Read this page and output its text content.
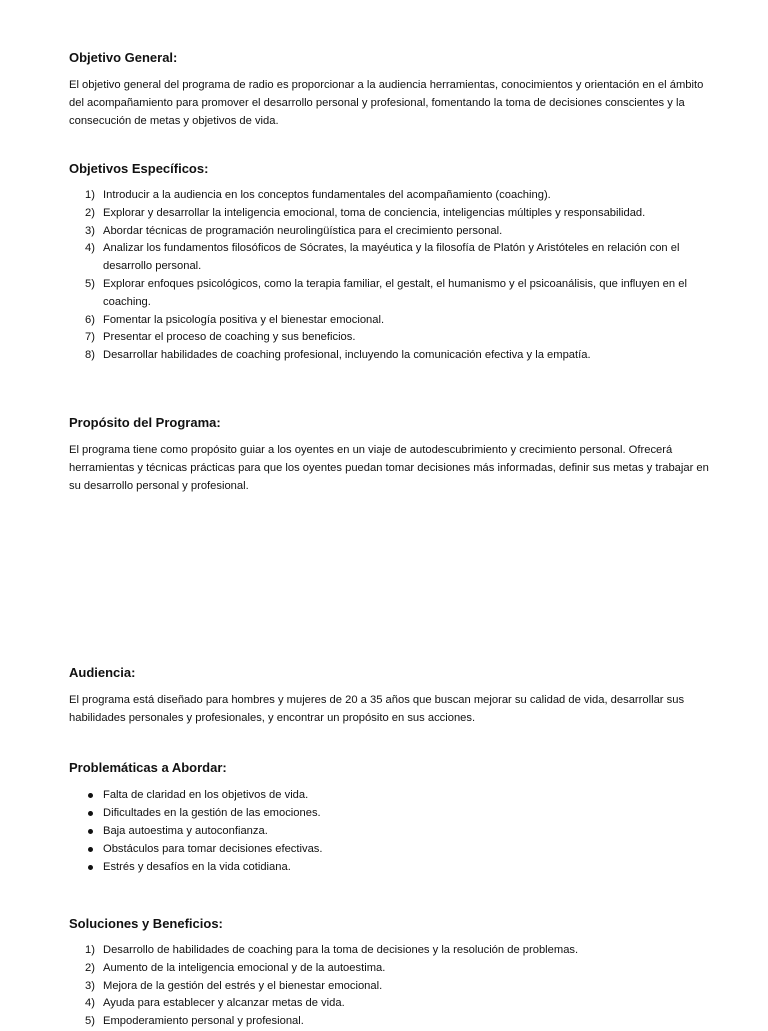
Objetivo General:

El objetivo general del programa de radio es proporcionar a la audiencia herramientas, conocimientos y orientación en el ámbito del acompañamiento para promover el desarrollo personal y profesional, fomentando la toma de decisiones conscientes y la consecución de metas y objetivos de vida.

Objetivos Específicos:
1) Introducir a la audiencia en los conceptos fundamentales del acompañamiento (coaching).
2) Explorar y desarrollar la inteligencia emocional, toma de conciencia, inteligencias múltiples y responsabilidad.
3) Abordar técnicas de programación neurolingüística para el crecimiento personal.
4) Analizar los fundamentos filosóficos de Sócrates, la mayéutica y la filosofía de Platón y Aristóteles en relación con el desarrollo personal.
5) Explorar enfoques psicológicos, como la terapia familiar, el gestalt, el humanismo y el psicoanálisis, que influyen en el coaching.
6) Fomentar la psicología positiva y el bienestar emocional.
7) Presentar el proceso de coaching y sus beneficios.
8) Desarrollar habilidades de coaching profesional, incluyendo la comunicación efectiva y la empatía.
Propósito del Programa:

El programa tiene como propósito guiar a los oyentes en un viaje de autodescubrimiento y crecimiento personal. Ofrecerá herramientas y técnicas prácticas para que los oyentes puedan tomar decisiones más informadas, definir sus metas y trabajar en su desarrollo personal y profesional.

Audiencia:

El programa está diseñado para hombres y mujeres de 20 a 35 años que buscan mejorar su calidad de vida, desarrollar sus habilidades personales y profesionales, y encontrar un propósito en sus acciones.

Problemáticas a Abordar:
Falta de claridad en los objetivos de vida.
Dificultades en la gestión de las emociones.
Baja autoestima y autoconfianza.
Obstáculos para tomar decisiones efectivas.
Estrés y desafíos en la vida cotidiana.
Soluciones y Beneficios:
1) Desarrollo de habilidades de coaching para la toma de decisiones y la resolución de problemas.
2) Aumento de la inteligencia emocional y de la autoestima.
3) Mejora de la gestión del estrés y el bienestar emocional.
4) Ayuda para establecer y alcanzar metas de vida.
5) Empoderamiento personal y profesional.
